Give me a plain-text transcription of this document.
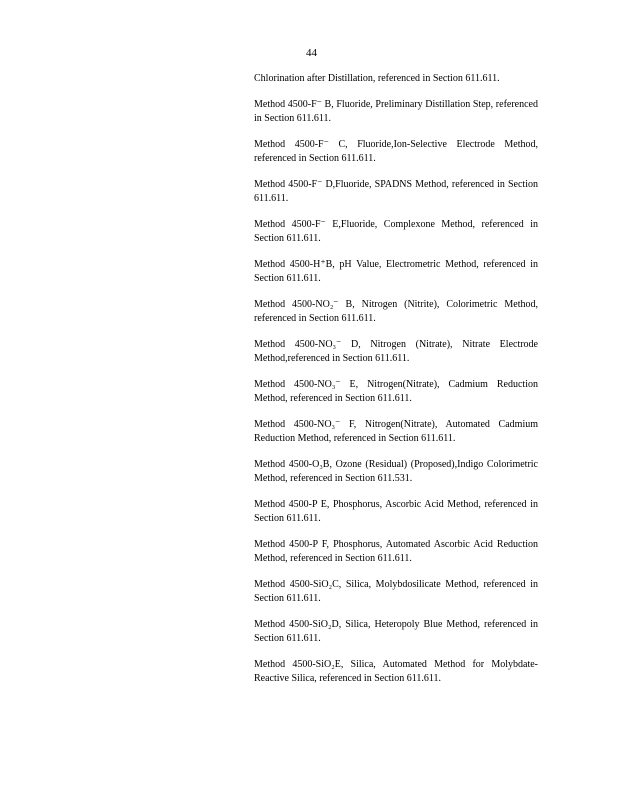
44

Chlorination after Distillation, referenced in Section 611.611.

Method 4500-F⁻ B, Fluoride, Preliminary Distillation Step, referenced in Section 611.611.

Method 4500-F⁻ C, Fluoride,Ion-Selective Electrode Method, referenced in Section 611.611.

Method 4500-F⁻ D,Fluoride, SPADNS Method, referenced in Section 611.611.

Method 4500-F⁻ E,Fluoride, Complexone Method, referenced in Section 611.611.

Method 4500-H⁺B, pH Value, Electrometric Method, referenced in Section 611.611.

Method 4500-NO₂⁻ B, Nitrogen (Nitrite), Colorimetric Method, referenced in Section 611.611.

Method 4500-NO₃⁻ D, Nitrogen (Nitrate), Nitrate Electrode Method,referenced in Section 611.611.

Method 4500-NO₃⁻ E, Nitrogen(Nitrate), Cadmium Reduction Method, referenced in Section 611.611.

Method 4500-NO₃⁻ F, Nitrogen(Nitrate), Automated Cadmium Reduction Method, referenced in Section 611.611.

Method 4500-O₃B, Ozone (Residual) (Proposed),Indigo Colorimetric Method, referenced in Section 611.531.

Method 4500-P E, Phosphorus, Ascorbic Acid Method, referenced in Section 611.611.

Method 4500-P F, Phosphorus, Automated Ascorbic Acid Reduction Method, referenced in Section 611.611.

Method 4500-SiO₂C, Silica, Molybdosilicate Method, referenced in Section 611.611.

Method 4500-SiO₂D, Silica, Heteropoly Blue Method, referenced in Section 611.611.

Method 4500-SiO₂E, Silica, Automated Method for Molybdate-Reactive Silica, referenced in Section 611.611.
